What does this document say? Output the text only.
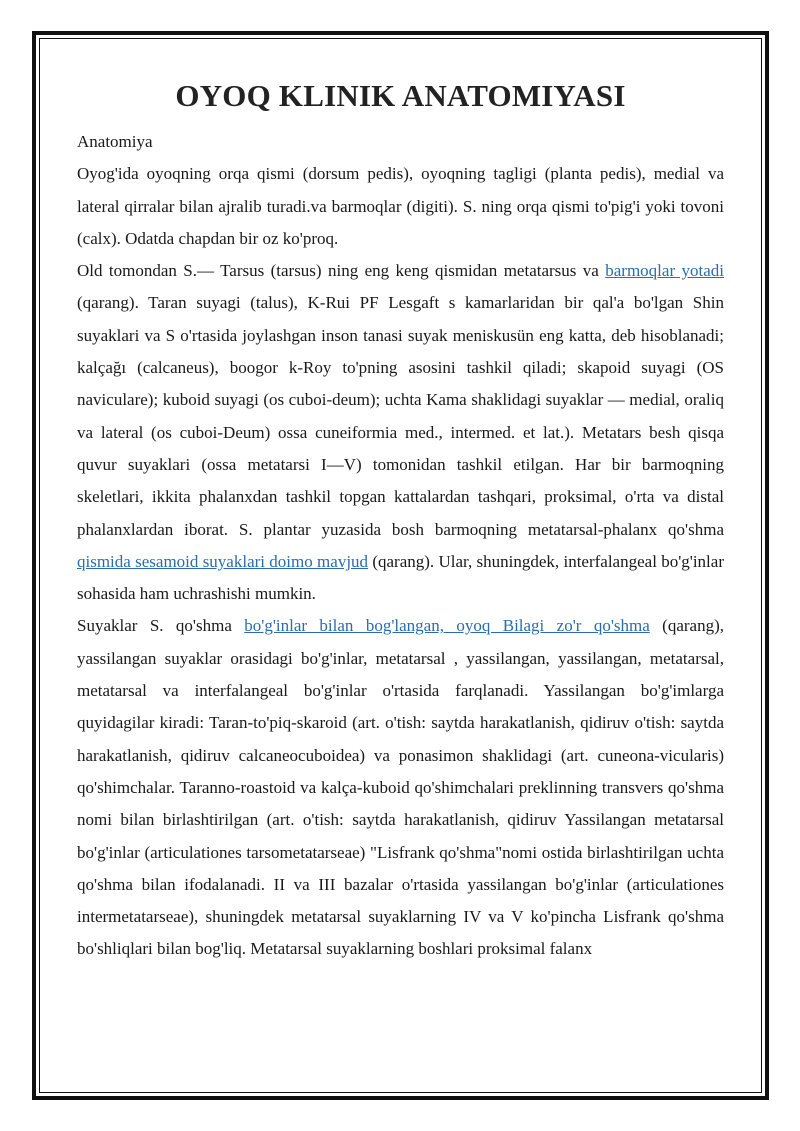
OYOQ KLINIK ANATOMIYASI
Anatomiya

Oyog'ida oyoqning orqa qismi (dorsum pedis), oyoqning tagligi (planta pedis), medial va lateral qirralar bilan ajralib turadi.va barmoqlar (digiti). S. ning orqa qismi to'pig'i yoki tovoni (calx). Odatda chapdan bir oz ko'proq.

Old tomondan S.— Tarsus (tarsus) ning eng keng qismidan metatarsus va barmoqlar yotadi (qarang). Taran suyagi (talus), K-Rui PF Lesgaft s kamarlaridan bir qal'a bo'lgan Shin suyaklari va S o'rtasida joylashgan inson tanasi suyak meniskusün eng katta, deb hisoblanadi; kalçağı (calcaneus), boogor k-Roy to'pning asosini tashkil qiladi; skapoid suyagi (OS naviculare); kuboid suyagi (os cuboi-deum); uchta Kama shaklidagi suyaklar — medial, oraliq va lateral (os cuboi-Deum) ossa cuneiformia med., intermed. et lat.). Metatars besh qisqa quvur suyaklari (ossa metatarsi I—V) tomonidan tashkil etilgan. Har bir barmoqning skeletlari, ikkita phalanxdan tashkil topgan kattalardan tashqari, proksimal, o'rta va distal phalanxlardan iborat. S. plantar yuzasida bosh barmoqning metatarsal-phalanx qo'shma qismida sesamoid suyaklari doimo mavjud (qarang). Ular, shuningdek, interfalangeal bo'g'inlar sohasida ham uchrashishi mumkin.

Suyaklar S. qo'shma bo'g'inlar bilan bog'langan, oyoq Bilagi zo'r qo'shma (qarang), yassilangan suyaklar orasidagi bo'g'inlar, metatarsal , yassilangan, yassilangan, metatarsal, metatarsal va interfalangeal bo'g'inlar o'rtasida farqlanadi. Yassilangan bo'g'imlarga quyidagilar kiradi: Taran-to'piq-skaroid (art. o'tish: saytda harakatlanish, qidiruv o'tish: saytda harakatlanish, qidiruv calcaneocuboidea) va ponasimon shaklidagi (art. cuneona-vicularis) qo'shimchalar. Taranno-roastoid va kalça-kuboid qo'shimchalari preklinning transvers qo'shma nomi bilan birlashtirilgan (art. o'tish: saytda harakatlanish, qidiruv Yassilangan metatarsal bo'g'inlar (articulationes tarsometatarseae) "Lisfrank qo'shma"nomi ostida birlashtirilgan uchta qo'shma bilan ifodalanadi. II va III bazalar o'rtasida yassilangan bo'g'inlar (articulationes intermetatarseae), shuningdek metatarsal suyaklarning IV va V ko'pincha Lisfrank qo'shma bo'shliqlari bilan bog'liq. Metatarsal suyaklarning boshlari proksimal falanx
